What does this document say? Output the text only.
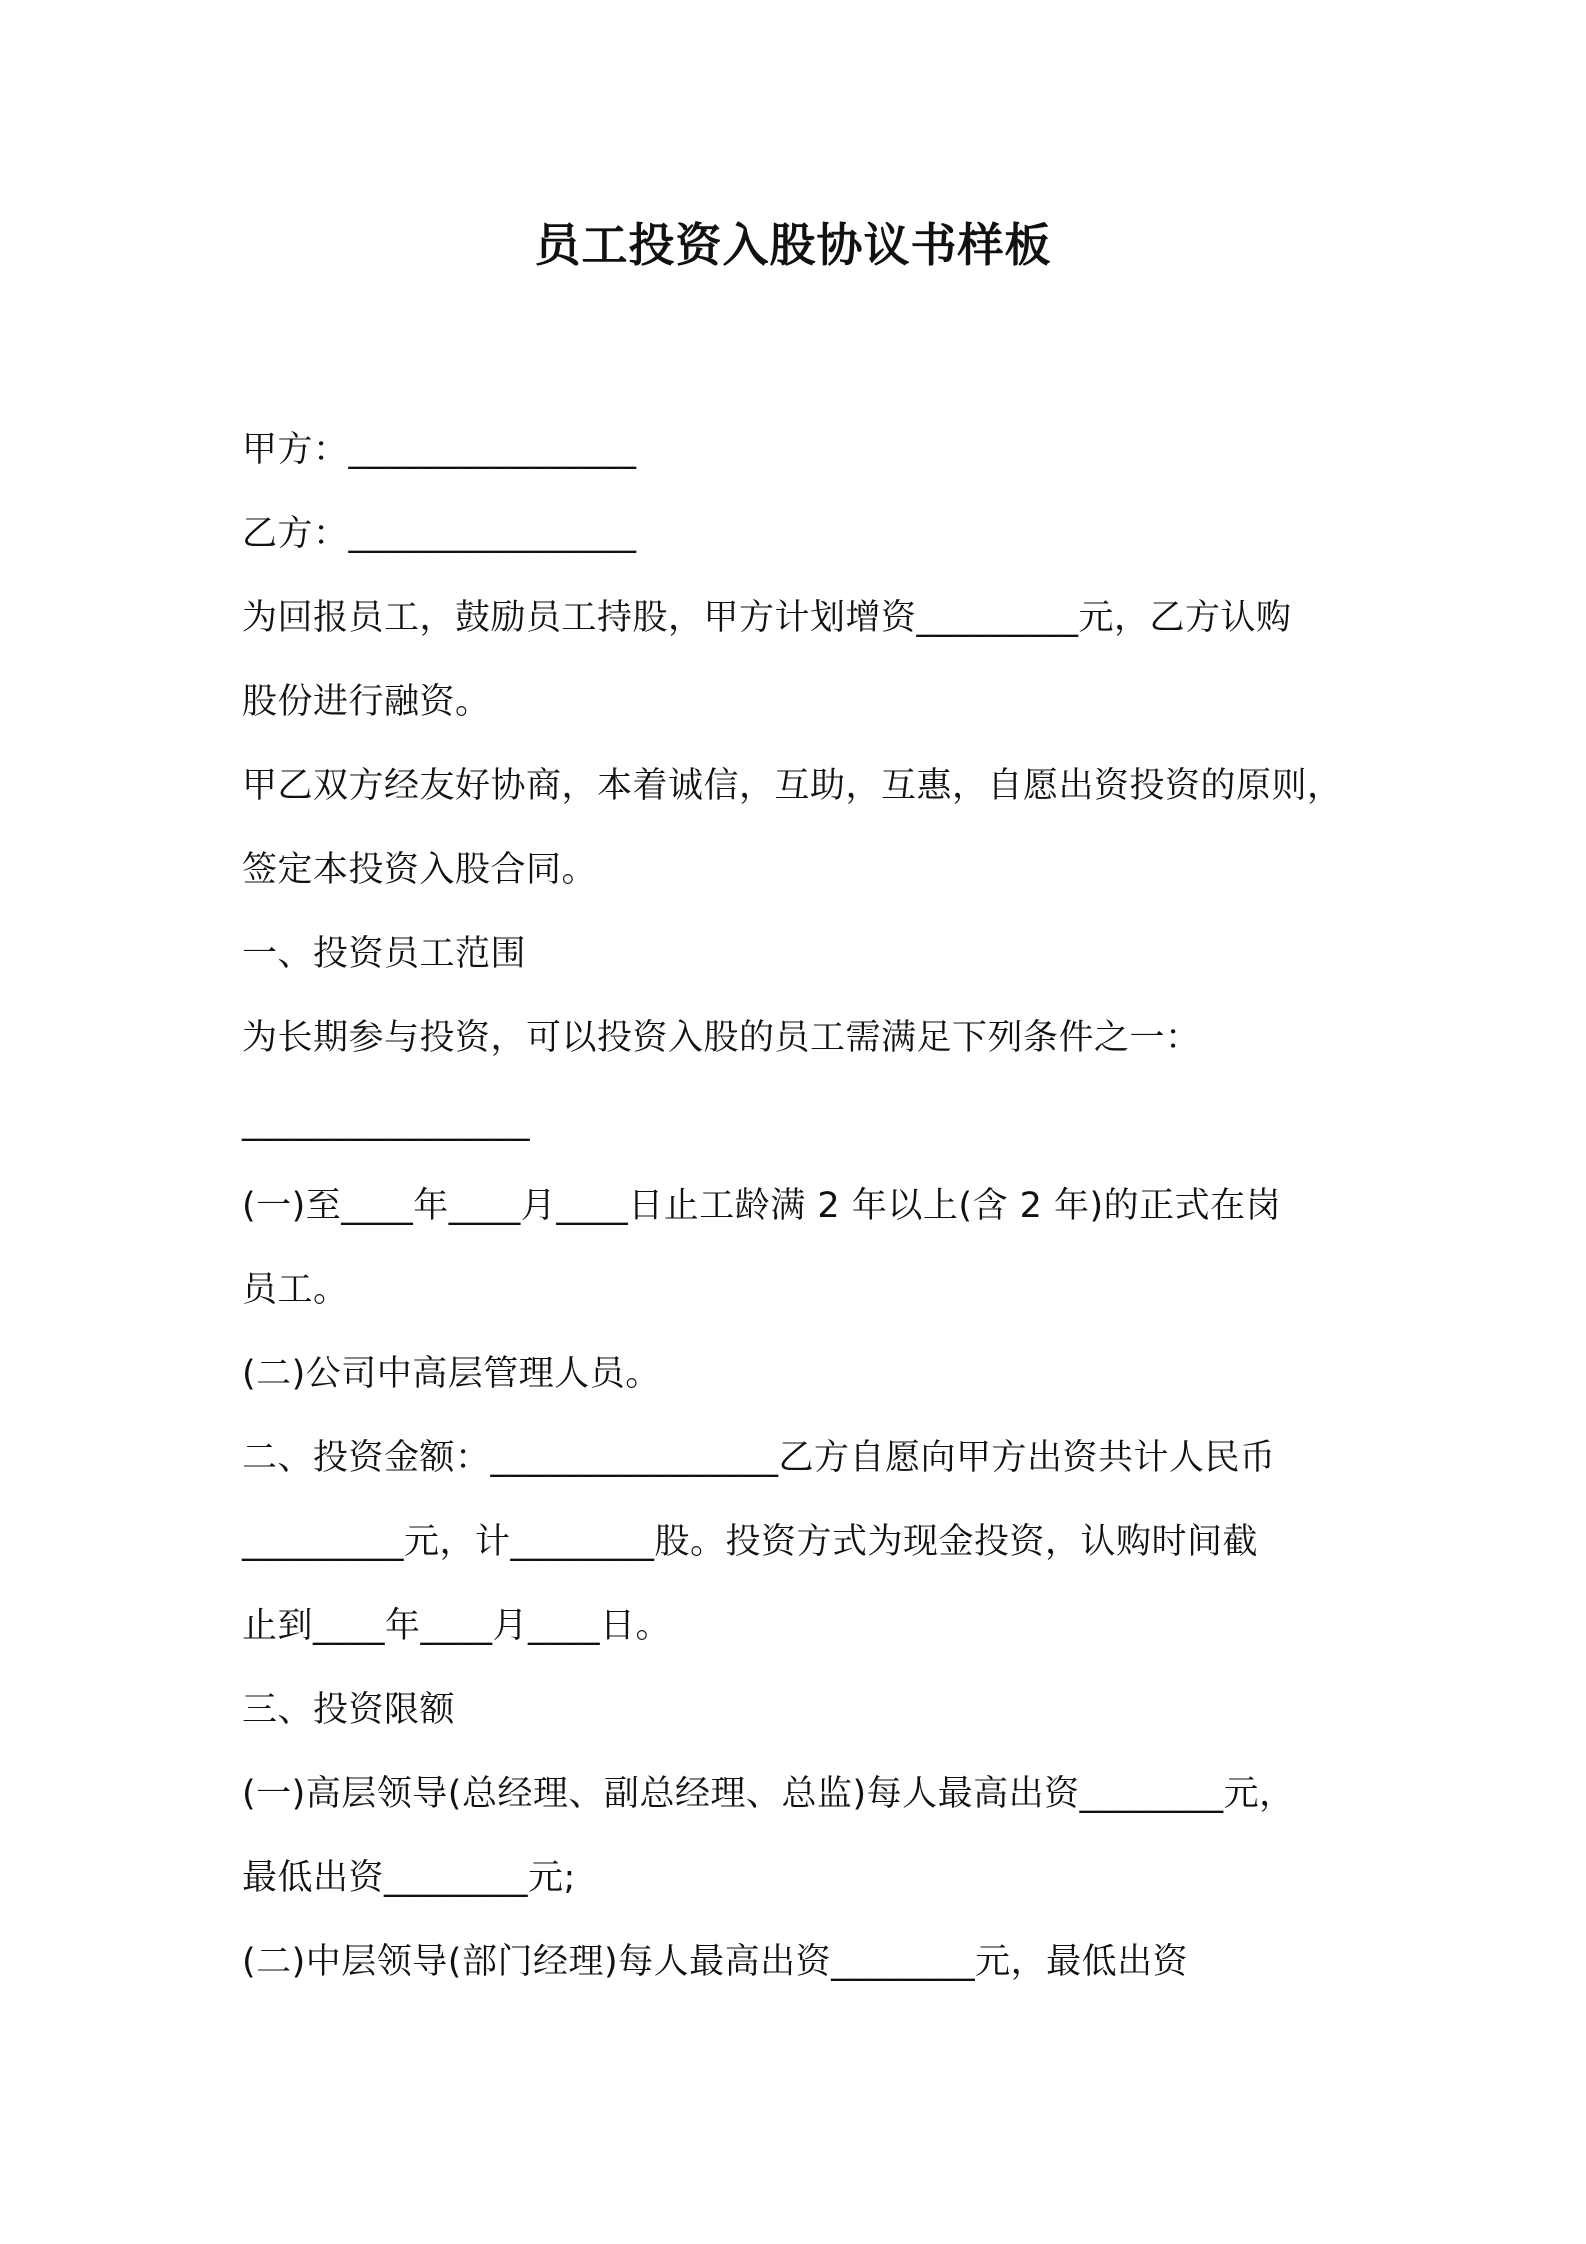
员工投资入股协议书样板
甲方：________________
乙方：________________
为回报员工，鼓励员工持股，甲方计划增资_________元，乙方认购
股份进行融资。
甲乙双方经友好协商，本着诚信，互助，互惠，自愿出资投资的原则，
签定本投资入股合同。
一、投资员工范围
为长期参与投资，可以投资入股的员工需满足下列条件之一：
________________
(一)至____年____月____日止工龄满 2 年以上(含 2 年)的正式在岗
员工。
(二)公司中高层管理人员。
二、投资金额：________________乙方自愿向甲方出资共计人民币
_________元，计________股。投资方式为现金投资，认购时间截
止到____年____月____日。
三、投资限额
(一)高层领导(总经理、副总经理、总监)每人最高出资________元，
最低出资________元;
(二)中层领导(部门经理)每人最高出资________元，最低出资
